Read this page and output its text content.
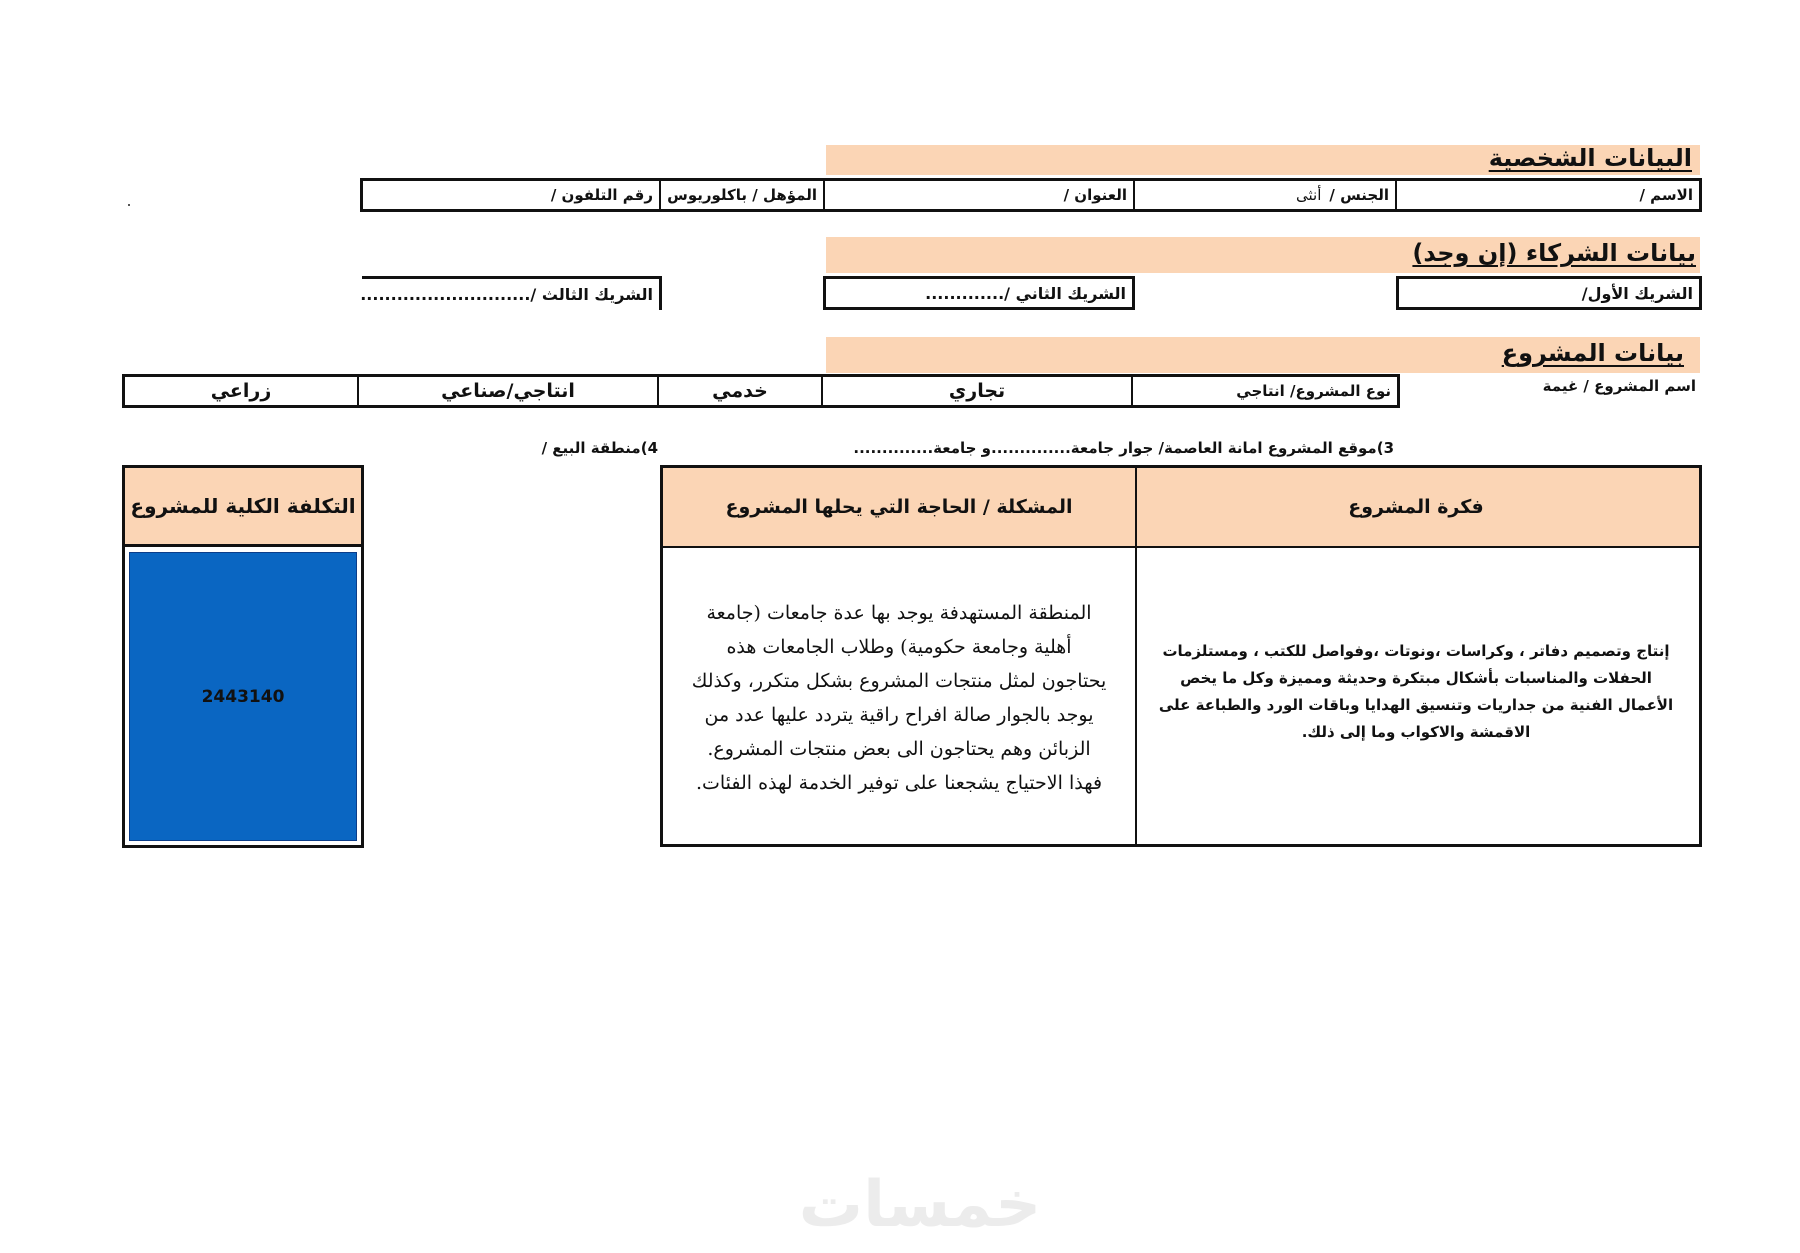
البيانات الشخصية
الاسم /
الجنس /
أنثى
العنوان /
المؤهل / باكلوريوس
رقم التلفون /
بيانات الشركاء (إن وجد)
الشريك الأول/
الشريك الثاني /.............
الشريك الثالث /............................
بيانات المشروع
اسم المشروع / غيمة
نوع المشروع/ انتاجي
تجاري
خدمي
انتاجي/صناعي
زراعي
3)موقع المشروع امانة العاصمة/ جوار جامعة..............و جامعة..............
4)منطقة البيع /
فكرة المشروع
المشكلة / الحاجة التي يحلها المشروع
إنتاج وتصميم دفاتر ، وكراسات ،ونوتات ،وفواصل للكتب ، ومستلزمات
الحفلات والمناسبات بأشكال مبتكرة وحديثة ومميزة وكل ما يخص
الأعمال الفنية من جداريات وتنسيق الهدايا وباقات الورد والطباعة على
الاقمشة والاكواب وما إلى ذلك.
المنطقة المستهدفة يوجد بها عدة جامعات (جامعة
أهلية وجامعة حكومية) وطلاب الجامعات هذه
يحتاجون لمثل منتجات المشروع بشكل متكرر، وكذلك
يوجد بالجوار صالة افراح راقية يتردد عليها عدد من
الزبائن وهم يحتاجون الى بعض منتجات المشروع.
فهذا الاحتياج يشجعنا على توفير الخدمة لهذه الفئات.
التكلفة الكلية للمشروع
2443140
خمسات
